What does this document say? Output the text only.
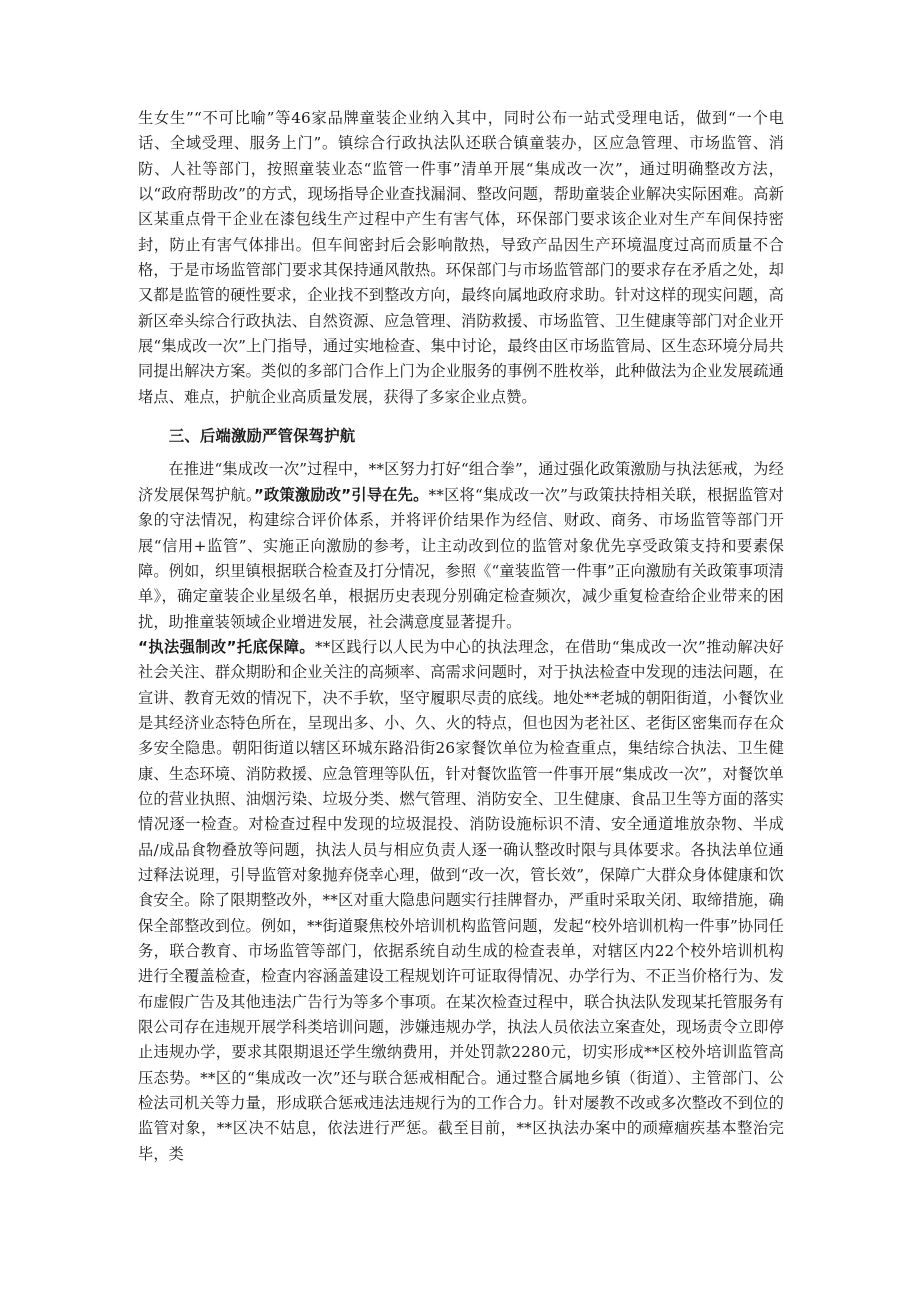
生女生”“不可比喻”等46家品牌童装企业纳入其中，同时公布一站式受理电话，做到“一个电话、全域受理、服务上门”。镇综合行政执法队还联合镇童装办，区应急管理、市场监管、消防、人社等部门，按照童装业态“监管一件事”清单开展“集成改一次”，通过明确整改方法，以“政府帮助改”的方式，现场指导企业查找漏洞、整改问题，帮助童装企业解决实际困难。高新区某重点骨干企业在漆包线生产过程中产生有害气体，环保部门要求该企业对生产车间保持密封，防止有害气体排出。但车间密封后会影响散热，导致产品因生产环境温度过高而质量不合格，于是市场监管部门要求其保持通风散热。环保部门与市场监管部门的要求存在矛盾之处，却又都是监管的硬性要求，企业找不到整改方向，最终向属地政府求助。针对这样的现实问题，高新区牵头综合行政执法、自然资源、应急管理、消防救援、市场监管、卫生健康等部门对企业开展“集成改一次”上门指导，通过实地检查、集中讨论，最终由区市场监管局、区生态环境分局共同提出解决方案。类似的多部门合作上门为企业服务的事例不胜枚举，此种做法为企业发展疏通堵点、难点，护航企业高质量发展，获得了多家企业点赞。

三、后端激励严管保驾护航

在推进“集成改一次”过程中，**区努力打好“组合拳”，通过强化政策激励与执法惩戒，为经济发展保驾护航。”政策激励改”引导在先。**区将“集成改一次”与政策扶持相关联，根据监管对象的守法情况，构建综合评价体系，并将评价结果作为经信、财政、商务、市场监管等部门开展“信用+监管”、实施正向激励的参考，让主动改到位的监管对象优先享受政策支持和要素保障。例如，织里镇根据联合检查及打分情况，参照《“童装监管一件事”正向激励有关政策事项清单》，确定童装企业星级名单，根据历史表现分别确定检查频次，减少重复检查给企业带来的困扰，助推童装领域企业增进发展，社会满意度显著提升。

“执法强制改”托底保障。**区践行以人民为中心的执法理念，在借助“集成改一次”推动解决好社会关注、群众期盼和企业关注的高频率、高需求问题时，对于执法检查中发现的违法问题，在宣讲、教育无效的情况下，决不手软，坚守履职尽责的底线。地处**老城的朝阳街道，小餐饮业是其经济业态特色所在，呈现出多、小、久、火的特点，但也因为老社区、老街区密集而存在众多安全隐患。朝阳街道以辖区环城东路沿街26家餐饮单位为检查重点，集结综合执法、卫生健康、生态环境、消防救援、应急管理等队伍，针对餐饮监管一件事开展“集成改一次”，对餐饮单位的营业执照、油烟污染、垃圾分类、燃气管理、消防安全、卫生健康、食品卫生等方面的落实情况逐一检查。对检查过程中发现的垃圾混投、消防设施标识不清、安全通道堆放杂物、半成品/成品食物叠放等问题，执法人员与相应负责人逐一确认整改时限与具体要求。各执法单位通过释法说理，引导监管对象抛弃侥幸心理，做到“改一次，管长效”，保障广大群众身体健康和饮食安全。除了限期整改外，**区对重大隐患问题实行挂牌督办，严重时采取关闭、取缔措施，确保全部整改到位。例如，**街道聚焦校外培训机构监管问题，发起“校外培训机构一件事”协同任务，联合教育、市场监管等部门，依据系统自动生成的检查表单，对辖区内22个校外培训机构进行全覆盖检查，检查内容涵盖建设工程规划许可证取得情况、办学行为、不正当价格行为、发布虚假广告及其他违法广告行为等多个事项。在某次检查过程中，联合执法队发现某托管服务有限公司存在违规开展学科类培训问题，涉嫌违规办学，执法人员依法立案查处，现场责令立即停止违规办学，要求其限期退还学生缴纳费用，并处罚款2280元，切实形成**区校外培训监管高压态势。**区的“集成改一次”还与联合惩戒相配合。通过整合属地乡镇（街道）、主管部门、公检法司机关等力量，形成联合惩戒违法违规行为的工作合力。针对屡教不改或多次整改不到位的监管对象，**区决不姑息，依法进行严惩。截至目前，**区执法办案中的顽瘴痼疾基本整治完毕，类
